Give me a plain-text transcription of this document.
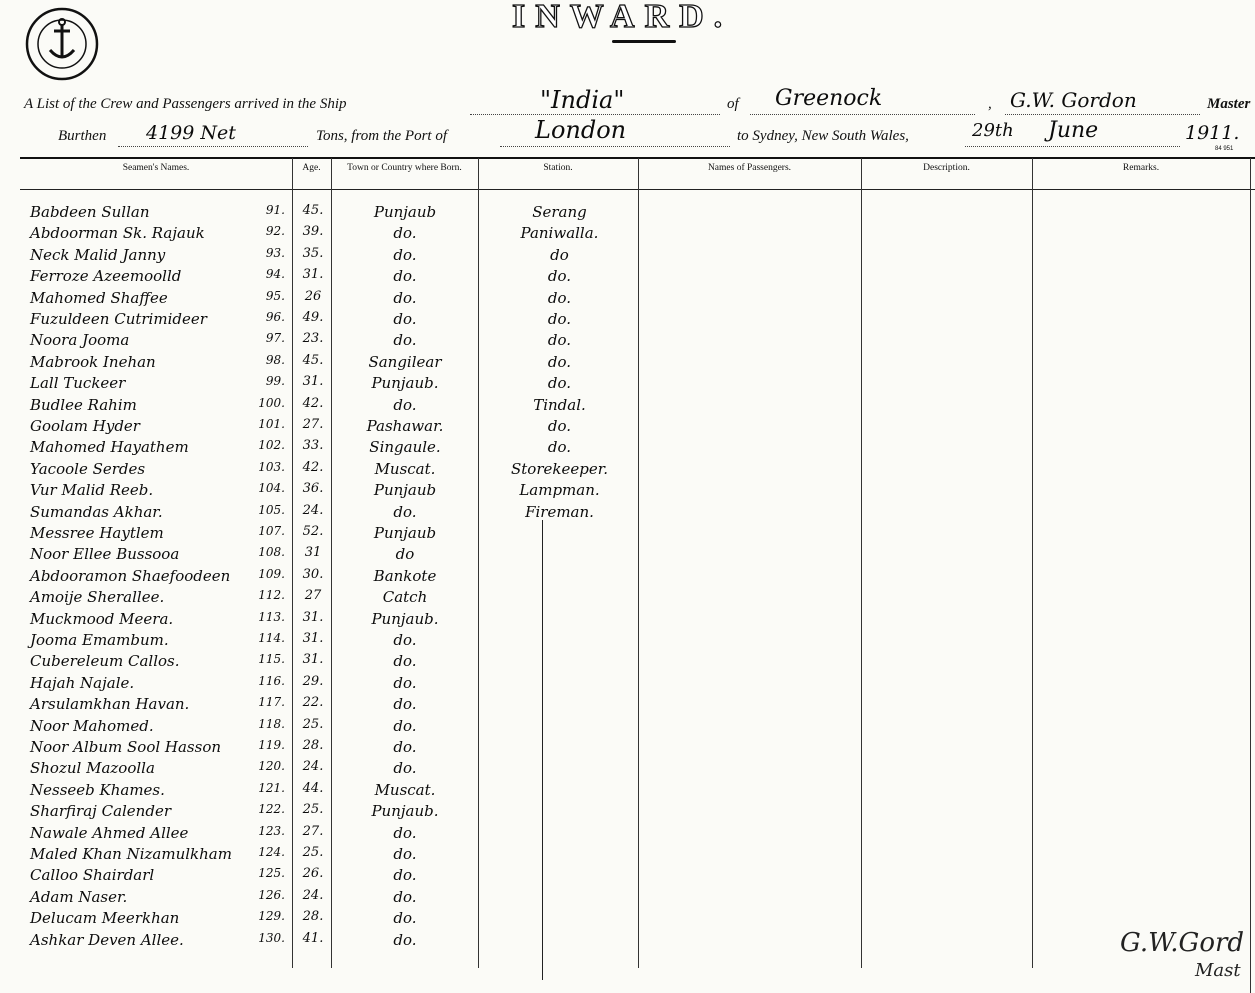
INWARD.
A List of the Crew and Passengers arrived in the Ship	"India"	of Greenock	, G.W. Gordon	Master
Burthen 4199 Net	Tons, from the Port of	London	to Sydney, New South Wales,	29th June	1911.
84 951
Seamen's Names.	Age.	Town or Country where Born.	Station.	Names of Passengers.	Description.	Remarks.
Babdeen Sullan	91. 45.	Punjaub	Serang
Abdoorman Sk. Rajauk	92. 39.	do.	Paniwalla.
Neck Malid Janny	93. 35.	do.	do
Ferroze Azeemoolld	94. 31.	do.	do.
Mahomed Shaffee	95.	26	do.	do.
Fuzuldeen Cutrimideer	96. 49.	do.	do.
Noora Jooma	97. 23.	do.	do.
Mabrook Inehan	98. 45.	Sangilear	do.
Lall Tuckeer	99. 31.	Punjaub.	do.
Budlee Rahim	100. 42.	do.	Tindal.
Goolam Hyder	101. 27.	Pashawar.	do.
Mahomed Hayathem	102. 33.	Singaule.	do.
Yacoole Serdes	103. 42.	Muscat.	Storekeeper.
Vur Malid Reeb.	104. 36.	Punjaub	Lampman.
Sumandas Akhar.	105. 24.	do.	Fireman.
Messree Haytlem	107. 52.	Punjaub
Noor Ellee Bussooa	108.	31	do
Abdooramon Shaefoodeen	109. 30.	Bankote
Amoije Sherallee.	112.	27	Catch
Muckmood Meera.	113. 31.	Punjaub.
Jooma Emambum.	114. 31.	do.
Cubereleum Callos.	115. 31.	do.
Hajah Najale.	116. 29.	do.
Arsulamkhan Havan.	117. 22.	do.
Noor Mahomed.	118. 25.	do.
Noor Album Sool Hasson	119. 28.	do.
Shozul Mazoolla	120. 24.	do.
Nesseeb Khames.	121. 44.	Muscat.
Sharfiraj Calender	122. 25.	Punjaub.
Nawale Ahmed Allee	123. 27.	do.
Maled Khan Nizamulkham	124. 25.	do.
Calloo Shairdarl	125. 26.	do.
Adam Naser.	126. 24.	do.
Delucam Meerkhan	129. 28.	do.
Ashkar Deven Allee.	130. 41.	do.	G.W.Gord
Mast
